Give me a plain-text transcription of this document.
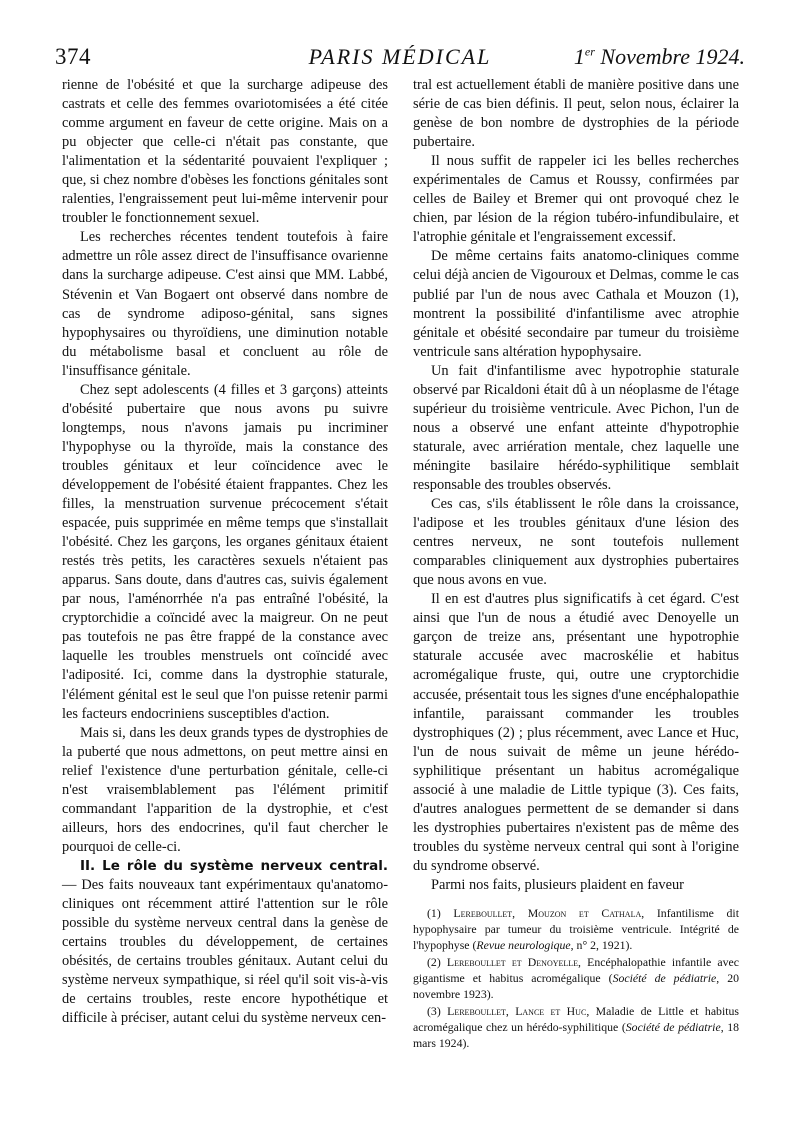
374	PARIS MÉDICAL	1er Novembre 1924.

rienne de l'obésité et que la surcharge adipeuse des castrats et celle des femmes ovariotomisées a été citée comme argument en faveur de cette origine. Mais on a pu objecter que celle-ci n'était pas constante, que l'alimentation et la sédentarité pouvaient l'expliquer ; que, si chez nombre d'obèses les fonctions génitales sont ralenties, l'engraissement peut lui-même intervenir pour troubler le fonctionnement sexuel.

Les recherches récentes tendent toutefois à faire admettre un rôle assez direct de l'insuffisance ovarienne dans la surcharge adipeuse. C'est ainsi que MM. Labbé, Stévenin et Van Bogaert ont observé dans nombre de cas de syndrome adiposo-génital, sans signes hypophysaires ou thyroïdiens, une diminution notable du métabolisme basal et concluent au rôle de l'insuffisance génitale.

Chez sept adolescents (4 filles et 3 garçons) atteints d'obésité pubertaire que nous avons pu suivre longtemps, nous n'avons jamais pu incriminer l'hypophyse ou la thyroïde, mais la constance des troubles génitaux et leur coïncidence avec le développement de l'obésité étaient frappantes. Chez les filles, la menstruation survenue précocement s'était espacée, puis supprimée en même temps que s'installait l'obésité. Chez les garçons, les organes génitaux étaient restés très petits, les caractères sexuels n'étaient pas apparus. Sans doute, dans d'autres cas, suivis également par nous, l'aménorrhée n'a pas entraîné l'obésité, la cryptorchidie a coïncidé avec la maigreur. On ne peut pas toutefois ne pas être frappé de la constance avec laquelle les troubles menstruels ont coïncidé avec l'adiposité. Ici, comme dans la dystrophie staturale, l'élément génital est le seul que l'on puisse retenir parmi les facteurs endocriniens susceptibles d'action.

Mais si, dans les deux grands types de dystrophies de la puberté que nous admettons, on peut mettre ainsi en relief l'existence d'une perturbation génitale, celle-ci n'est vraisemblablement pas l'élément primitif commandant l'apparition de la dystrophie, et c'est ailleurs, hors des endocrines, qu'il faut chercher le pourquoi de celle-ci.

II. Le rôle du système nerveux central. — Des faits nouveaux tant expérimentaux qu'anatomo-cliniques ont récemment attiré l'attention sur le rôle possible du système nerveux central dans la genèse de certains troubles du développement, de certaines obésités, de certains troubles génitaux. Autant celui du système nerveux sympathique, si réel qu'il soit vis-à-vis de certains troubles, reste encore hypothétique et difficile à préciser, autant celui du système nerveux cen-

tral est actuellement établi de manière positive dans une série de cas bien définis. Il peut, selon nous, éclairer la genèse de bon nombre de dystrophies de la période pubertaire.

Il nous suffit de rappeler ici les belles recherches expérimentales de Camus et Roussy, confirmées par celles de Bailey et Bremer qui ont provoqué chez le chien, par lésion de la région tubéro-infundibulaire, et l'atrophie génitale et l'engraissement excessif.

De même certains faits anatomo-cliniques comme celui déjà ancien de Vigouroux et Delmas, comme le cas publié par l'un de nous avec Cathala et Mouzon (1), montrent la possibilité d'infantilisme avec atrophie génitale et obésité secondaire par tumeur du troisième ventricule sans altération hypophysaire.

Un fait d'infantilisme avec hypotrophie staturale observé par Ricaldoni était dû à un néoplasme de l'étage supérieur du troisième ventricule. Avec Pichon, l'un de nous a observé une enfant atteinte d'hypotrophie staturale, avec arriération mentale, chez laquelle une méningite basilaire hérédo-syphilitique semblait responsable des troubles observés.

Ces cas, s'ils établissent le rôle dans la croissance, l'adipose et les troubles génitaux d'une lésion des centres nerveux, ne sont toutefois nullement comparables cliniquement aux dystrophies pubertaires que nous avons en vue.

Il en est d'autres plus significatifs à cet égard. C'est ainsi que l'un de nous a étudié avec Denoyelle un garçon de treize ans, présentant une hypotrophie staturale accusée avec macroskélie et habitus acromégalique fruste, qui, outre une cryptorchidie accusée, présentait tous les signes d'une encéphalopathie infantile, paraissant commander les troubles dystrophiques (2) ; plus récemment, avec Lance et Huc, l'un de nous suivait de même un jeune hérédo-syphilitique présentant un habitus acromégalique associé à une maladie de Little typique (3). Ces faits, d'autres analogues permettent de se demander si dans les dystrophies pubertaires n'existent pas de même des troubles du système nerveux central qui sont à l'origine du syndrome observé.

Parmi nos faits, plusieurs plaident en faveur

(1) Lereboullet, Mouzon et Cathala, Infantilisme dit hypophysaire par tumeur du troisième ventricule. Intégrité de l'hypophyse (Revue neurologique, n° 2, 1921).

(2) Lereboullet et Denoyelle, Encéphalopathie infantile avec gigantisme et habitus acromégalique (Société de pédiatrie, 20 novembre 1923).

(3) Lereboullet, Lance et Huc, Maladie de Little et habitus acromégalique chez un hérédo-syphilitique (Société de pédiatrie, 18 mars 1924).
